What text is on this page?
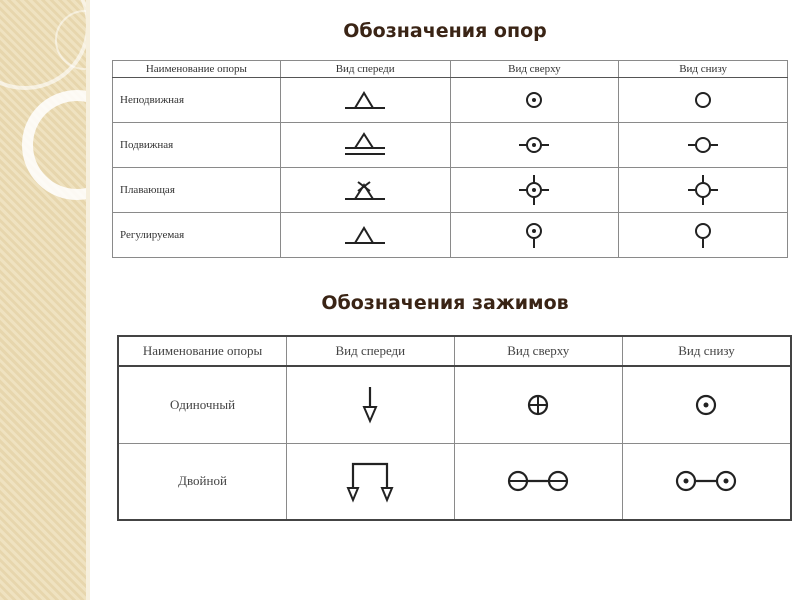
Обозначения опор
Наименование опоры	Вид спереди	Вид сверху	Вид снизу
Неподвижная	

Подвижная	

Плавающая	

Регулируемая	

Обозначения зажимов
Наименование опоры	Вид спереди	Вид сверху	Вид снизу
Одиночный	

Двойной	
